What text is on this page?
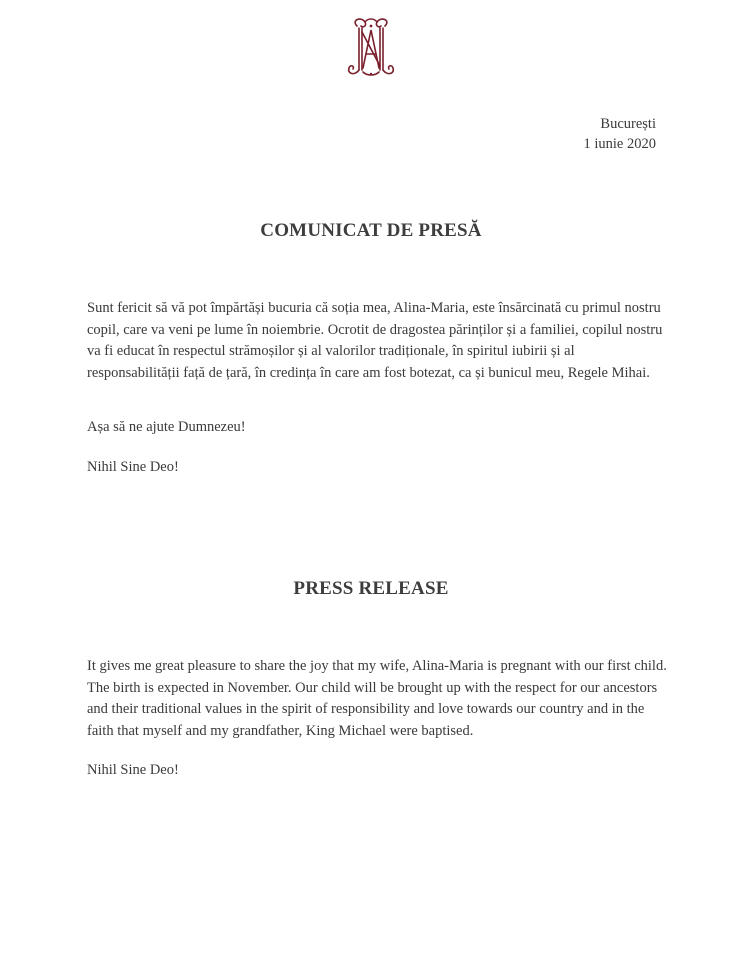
București
1 iunie 2020
COMUNICAT DE PRESĂ
Sunt fericit să vă pot împărtăși bucuria că soția mea, Alina-Maria, este însărcinată cu primul nostru copil, care va veni pe lume în noiembrie. Ocrotit de dragostea părinților și a familiei, copilul nostru va fi educat în respectul strămoșilor și al valorilor tradiționale, în spiritul iubirii și al responsabilității față de țară, în credința în care am fost botezat, ca și bunicul meu, Regele Mihai.
Așa să ne ajute Dumnezeu!
Nihil Sine Deo!
PRESS RELEASE
It gives me great pleasure to share the joy that my wife, Alina-Maria is pregnant with our first child. The birth is expected in November. Our child will be brought up with the respect for our ancestors and their traditional values in the spirit of responsibility and love towards our country and in the faith that myself and my grandfather, King Michael were baptised.
Nihil Sine Deo!
